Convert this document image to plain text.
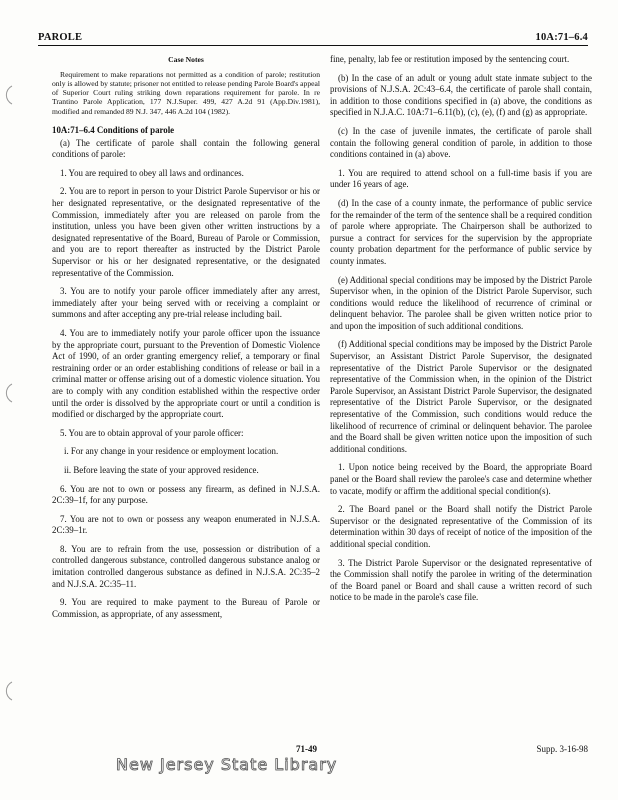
PAROLE	10A:71–6.4
Case Notes

Requirement to make reparations not permitted as a condition of parole; restitution only is allowed by statute; prisoner not entitled to release pending Parole Board's appeal of Superior Court ruling striking down reparations requirement for parole. In re Trantino Parole Application, 177 N.J.Super. 499, 427 A.2d 91 (App.Div.1981), modified and remanded 89 N.J. 347, 446 A.2d 104 (1982).

10A:71–6.4 Conditions of parole

(a) The certificate of parole shall contain the following general conditions of parole:

1. You are required to obey all laws and ordinances.

2. You are to report in person to your District Parole Supervisor or his or her designated representative, or the designated representative of the Commission, immediately after you are released on parole from the institution, unless you have been given other written instructions by a designated representative of the Board, Bureau of Parole or Commission, and you are to report thereafter as instructed by the District Parole Supervisor or his or her designated representative, or the designated representative of the Commission.

3. You are to notify your parole officer immediately after any arrest, immediately after your being served with or receiving a complaint or summons and after accepting any pre-trial release including bail.

4. You are to immediately notify your parole officer upon the issuance by the appropriate court, pursuant to the Prevention of Domestic Violence Act of 1990, of an order granting emergency relief, a temporary or final restraining order or an order establishing conditions of release or bail in a criminal matter or offense arising out of a domestic violence situation. You are to comply with any condition established within the respective order until the order is dissolved by the appropriate court or until a condition is modified or discharged by the appropriate court.

5. You are to obtain approval of your parole officer:

i. For any change in your residence or employment location.

ii. Before leaving the state of your approved residence.

6. You are not to own or possess any firearm, as defined in N.J.S.A. 2C:39–1f, for any purpose.

7. You are not to own or possess any weapon enumerated in N.J.S.A. 2C:39–1r.

8. You are to refrain from the use, possession or distribution of a controlled dangerous substance, controlled dangerous substance analog or imitation controlled dangerous substance as defined in N.J.S.A. 2C:35–2 and N.J.S.A. 2C:35–11.

9. You are required to make payment to the Bureau of Parole or Commission, as appropriate, of any assessment,

fine, penalty, lab fee or restitution imposed by the sentencing court.

(b) In the case of an adult or young adult state inmate subject to the provisions of N.J.S.A. 2C:43–6.4, the certificate of parole shall contain, in addition to those conditions specified in (a) above, the conditions as specified in N.J.A.C. 10A:71–6.11(b), (c), (e), (f) and (g) as appropriate.

(c) In the case of juvenile inmates, the certificate of parole shall contain the following general condition of parole, in addition to those conditions contained in (a) above.

1. You are required to attend school on a full-time basis if you are under 16 years of age.

(d) In the case of a county inmate, the performance of public service for the remainder of the term of the sentence shall be a required condition of parole where appropriate. The Chairperson shall be authorized to pursue a contract for services for the supervision by the appropriate county probation department for the performance of public service by county inmates.

(e) Additional special conditions may be imposed by the District Parole Supervisor when, in the opinion of the District Parole Supervisor, such conditions would reduce the likelihood of recurrence of criminal or delinquent behavior. The parolee shall be given written notice prior to and upon the imposition of such additional conditions.

(f) Additional special conditions may be imposed by the District Parole Supervisor, an Assistant District Parole Supervisor, the designated representative of the District Parole Supervisor or the designated representative of the Commission when, in the opinion of the District Parole Supervisor, an Assistant District Parole Supervisor, the designated representative of the District Parole Supervisor, or the designated representative of the Commission, such conditions would reduce the likelihood of recurrence of criminal or delinquent behavior. The parolee and the Board shall be given written notice upon the imposition of such additional conditions.

1. Upon notice being received by the Board, the appropriate Board panel or the Board shall review the parolee's case and determine whether to vacate, modify or affirm the additional special condition(s).

2. The Board panel or the Board shall notify the District Parole Supervisor or the designated representative of the Commission of its determination within 30 days of receipt of notice of the imposition of the additional special condition.

3. The District Parole Supervisor or the designated representative of the Commission shall notify the parolee in writing of the determination of the Board panel or Board and shall cause a written record of such notice to be made in the parole's case file.

71-49	Supp. 3-16-98
New Jersey State Library
